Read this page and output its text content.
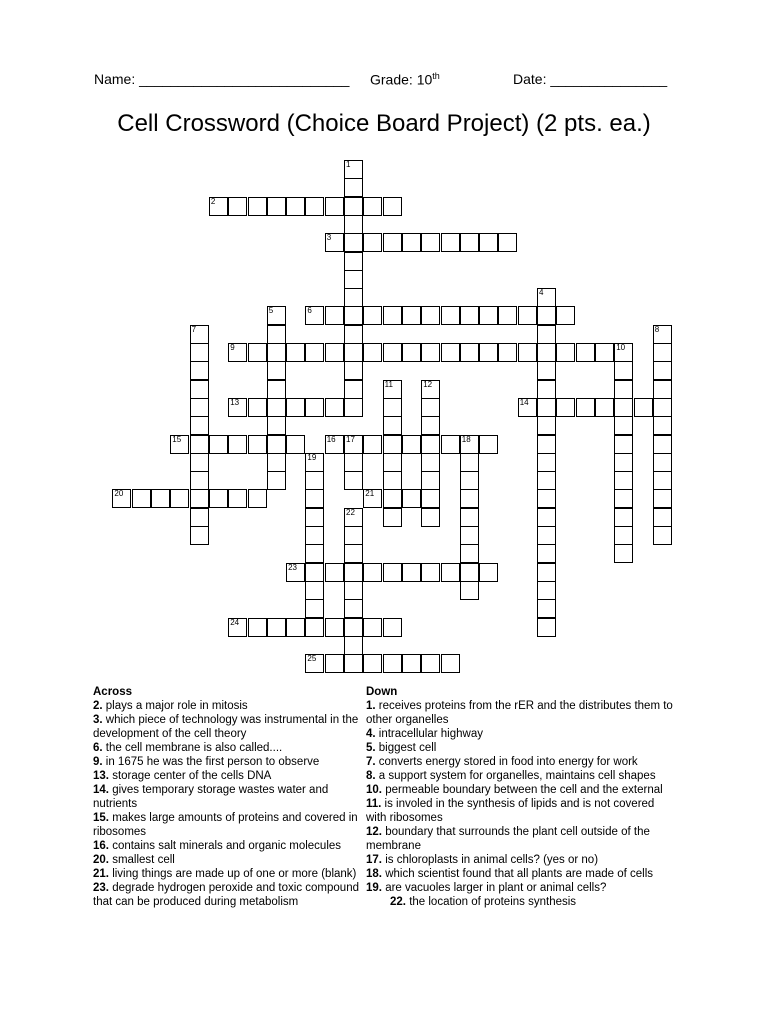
Name: ___________________________ Grade: 10th	Date: _______________
Cell Crossword (Choice Board Project) (2 pts. ea.)
1
2
3
4
5	6
7	8
9	10
11	12
13	14
15	16 17	18
19
20	21
22
23
24
25
Across
2. plays a major role in mitosis
3. which piece of technology was instrumental in the development of the cell theory
6. the cell membrane is also called....
9. in 1675 he was the first person to observe
13. storage center of the cells DNA
14. gives temporary storage wastes water and nutrients
15. makes large amounts of proteins and covered in ribosomes
16. contains salt minerals and organic molecules
20. smallest cell
21. living things are made up of one or more (blank)
23. degrade hydrogen peroxide and toxic compound that can be produced during metabolism
Down
1. receives proteins from the rER and the distributes them to other organelles
4. intracellular highway
5. biggest cell
7. converts energy stored in food into energy for work
8. a support system for organelles, maintains cell shapes
10. permeable boundary between the cell and the external
11. is involed in the synthesis of lipids and is not covered with ribosomes
12. boundary that surrounds the plant cell outside of the membrane
17. is chloroplasts in animal cells? (yes or no)
18. which scientist found that all plants are made of cells
19. are vacuoles larger in plant or animal cells?
22. the location of proteins synthesis
